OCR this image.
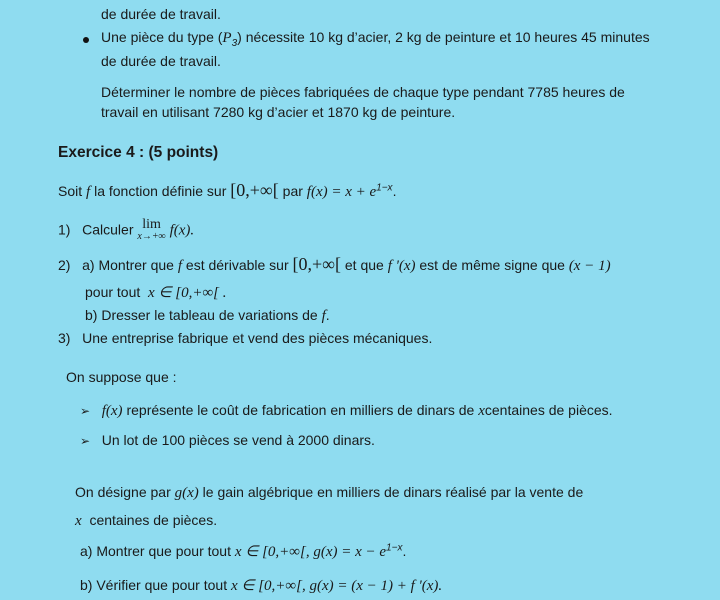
de durée de travail.
Une pièce du type $(P_3)$ nécessite 10 kg d’acier, 2 kg de peinture et 10 heures 45 minutes
de durée de travail.
Déterminer le nombre de pièces fabriquées de chaque type pendant 7785 heures de
travail en utilisant 7280 kg d’acier et 1870 kg de peinture.
Exercice 4 : (5 points)
Soit f la fonction définie sur [0,+∞[ par $f(x) = x + e^{1-x}$.
1) Calculer lim
x→+∞ f(x).
2) a) Montrer que f est dérivable sur [0,+∞[ et que f '(x) est de même signe que (x − 1)
pour tout x ∈ [0,+∞[ .
b) Dresser le tableau de variations de f.
3) Une entreprise fabrique et vend des pièces mécaniques.
On suppose que :
➢ f(x) représente le coût de fabrication en milliers de dinars de xcentaines de pièces.
➢ Un lot de 100 pièces se vend à 2000 dinars.
On désigne par g(x) le gain algébrique en milliers de dinars réalisé par la vente de
x centaines de pièces.
a) Montrer que pour tout x ∈ [0,+∞[, $g(x) = x - e^{1-x}$.
b) Vérifier que pour tout x ∈ [0,+∞[, g(x) = (x − 1) + f '(x).
